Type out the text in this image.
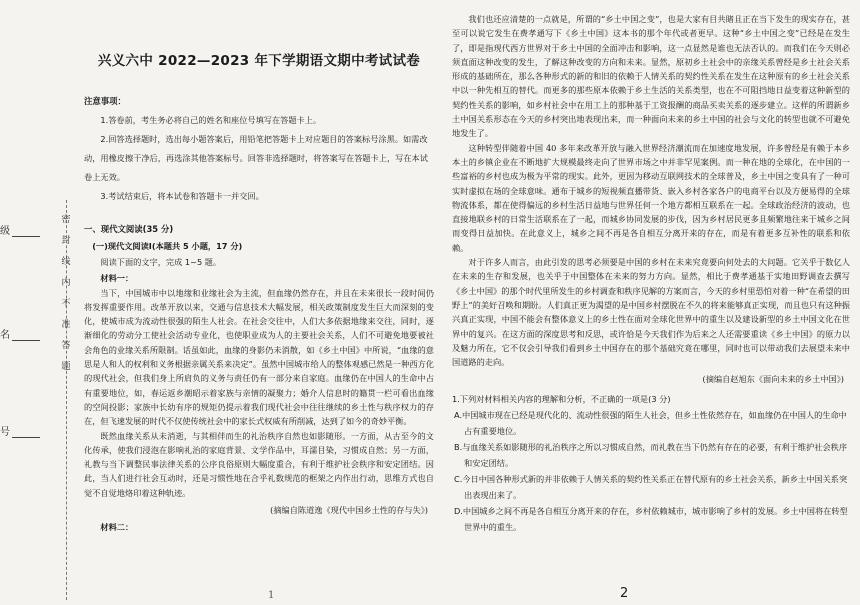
级
名
号
密封线内不准答题
兴义六中 2022—2023 年下学期语文期中考试试卷
注意事项：

1.答卷前，考生务必将自己的姓名和座位号填写在答题卡上。

2.回答选择题时，选出每小题答案后，用铅笔把答题卡上对应题目的答案标号涂黑。如需改动，用橡皮擦干净后，再选涂其他答案标号。回答非选择题时，将答案写在答题卡上，写在本试卷上无效。

3.考试结束后，将本试卷和答题卡一并交回。

一、现代文阅读(35 分)
(一)现代文阅读Ⅰ(本题共 5 小题，17 分)
阅读下面的文字，完成 1~5 题。
材料一：

当下，中国城市中以地缘和业缘社会为主流，但血缘仍然存在，并且在未来很长一段时间仍将发挥重要作用。改革开放以来，交通与信息技术大幅发展，相关政策制度发生巨大而深刻的变化，使城市成为流动性很强的陌生人社会。在社会交往中，人们大多依据地缘来交往，同时，逐渐细化的劳动分工使社会活动专业化，也使职业成为人的主要社会关系，人们不可避免地要被社会角色的业缘关系所限制。话虽如此，血缘的身影仍未消散，如《乡土中国》中所说，“血缘的意思是人和人的权利和义务根据亲属关系来决定”。虽然中国城市给人的整体观感已然是一种西方化的现代社会，但我们身上所肩负的义务与责任仍有一部分来自家庭。血缘仍在中国人的生命中占有重要地位，如，春运返乡潮昭示着家族与亲情的凝聚力；婚介人信息时的籍贯一栏可看出血缘的空间投影；家族中长幼有序的规矩仍提示着我们现代社会中往往继续的乡土性与秩序权力的存在，但飞速发展的时代不仅使传统社会中的家长式权威有所削减，达到了如今的奇妙平衡。

既然血缘关系从未消逝，与其相伴而生的礼治秩序自然也如影随形。一方面，从古至今的文化传承，使我们浸泡在影响礼治的家庭背景、文学作品中，耳濡目染，习惯成自然；另一方面，礼教与当下调整民事法律关系的公序良俗原则大幅度重合，有利于维护社会秩序和安定团结。因此，当人们进行社会互动时，还是习惯性地在合乎礼数规范的框架之内作出行动，思维方式也自觉不自觉地烙印着这种轨迹。

(摘编自陈道逸《现代中国乡土性的存与失》)
材料二：

我们也还应清楚的一点就是，所谓的“乡土中国之变”，也是大家有目共睹且正在当下发生的现实存在，甚至可以说它发生在费孝通写下《乡土中国》这本书的那个年代或者更早。这种“乡土中国之变”已经是在发生了，即是指现代西方世界对于乡土中国的全面冲击和影响，这一点显然是谁也无法否认的。而我们在今天则必须直面这种改变的发生，了解这种改变的方向和未来。显然，原初乡土社会中的亲缘关系曾经是乡土社会关系形成的基础所在，那么各种形式的新的和旧的依赖于人情关系的契约性关系在发生在这种原有的乡土社会关系中以一种先相互的替代。而更多的那些原本依赖于乡土生活的关系类型，也在不可阻挡地日益变着这种新型的契约性关系的影响，如乡村社会中在用工上的那种基于工资报酬的商品买卖关系的逐步建立。这样的所谓新乡土中国关系形态在今天的乡村突出地表现出来，而一种面向未来的乡土中国的社会与文化的转型也就不可避免地发生了。

这种转型伴随着中国 40 多年来改革开放与融入世界经济潮流而在加速度地发展，许多曾经是有赖于本乡本土的乡镇企业在不断地扩大规模最终走向了世界市场之中并非罕见案例。而一种在地的全球化，在中国的一些富裕的乡村也成为极为平常的现实。此外，更因为移动互联网技术的全球普及，乡土中国之变具有了一种可实时虚拟在场的全球意味。通布于城乡的短视频直播带货、嵌入乡村各家各户的电商平台以及方便易得的全球物流体系，都在使得偏远的乡村生活日益地与世界任何一个地方都相互联系在一起。全球政治经济的波动，也直接地联乡村的日常生活联系在了一起，而城乡协同发展的步伐，因为乡村居民更多且频繁地往来于城乡之间而变得日益加快。在此意义上，城乡之间不再是各自相互分离开来的存在，而是有着更多互补性的联系和依赖。

对于许多人而言，由此引发的思考必须要是中国的乡村在未来究竟要向何处去的大问题。它关乎于数亿人在未来的生存和发展，也关乎于中国整体在未来的努力方向。显然，相比于费孝通基于实地田野调查去撰写《乡土中国》的那个时代里所发生的乡村调查和秩序见解的方案而言，今天的乡村里恐怕对着一种“在希望的田野上”的美好召唤和期盼。人们真正更为渴望的是中国乡村摆脱在不久的将来能够真正实现，而且也只有这种振兴真正实现，中国不能会有整体意义上的乡土性在面对全球化世界中的重生以及建设新型的乡土中国文化在世界中的复兴。在这方面的深度思考和反思，或许恰是今天我们作为后来之人还需要重读《乡土中国》的原力以及魅力所在，它不仅会引导我们看到乡土中国存在的那个基础究竟在哪里，同时也可以带动我们去展望未来中国道路的走向。

(摘编自赵旭东《面向未来的乡土中国》)
1.下列对材料相关内容的理解和分析，不正确的一项是(3 分)

A.中国城市现在已经是现代化的、流动性很强的陌生人社会，但乡土性依然存在，如血缘仍在中国人的生命中占有重要地位。

B.与血缘关系如影随形的礼治秩序之所以习惯成自然，而礼教在当下仍然有存在的必要，有利于维护社会秩序和安定团结。

C.今日中国各种形式新的并非依赖于人情关系的契约性关系正在替代原有的乡土社会关系，新乡土中国关系突出表现出来了。

D.中国城乡之间不再是各自相互分离开来的存在，乡村依赖城市，城市影响了乡村的发展。乡土中国将在转型世界中的重生。

1	2
